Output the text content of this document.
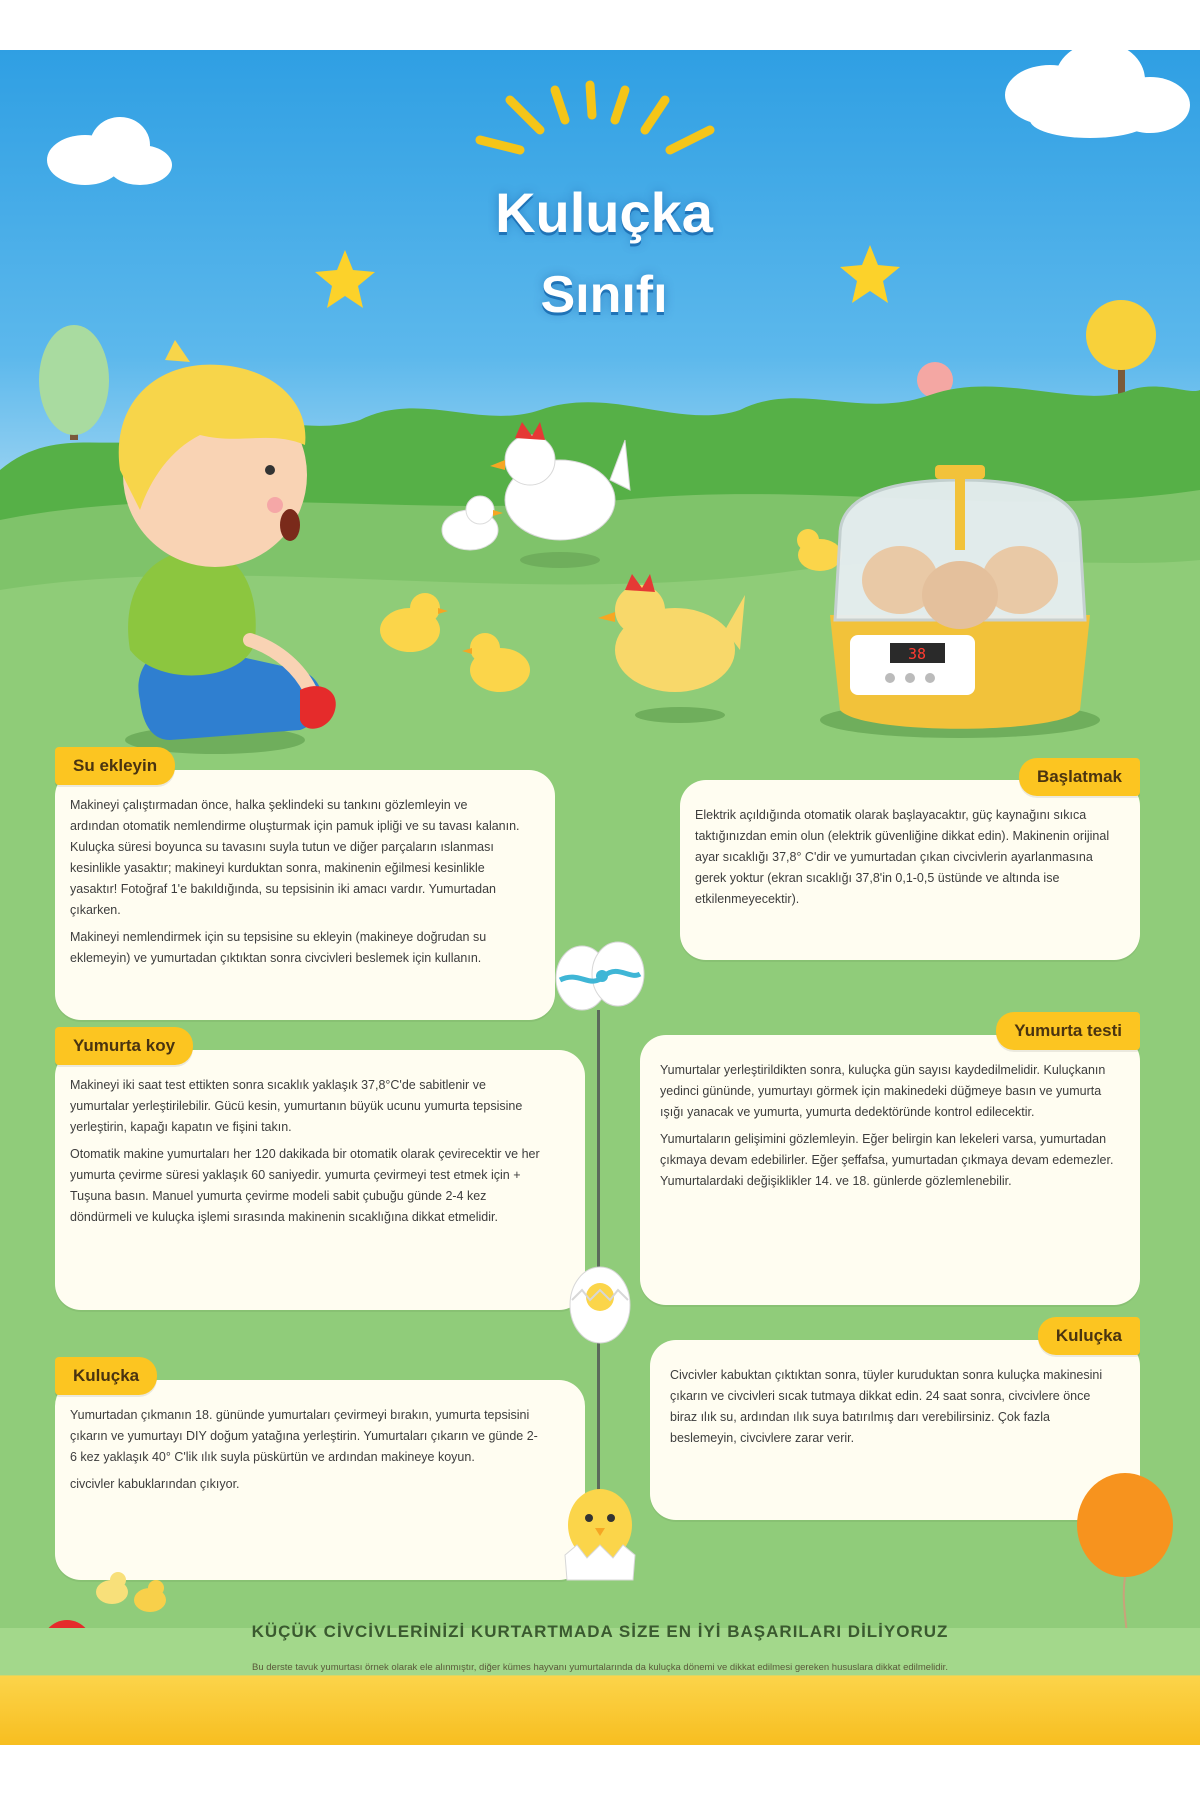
38
Kuluçka
Sınıfı
Su ekleyin

Makineyi çalıştırmadan önce, halka şeklindeki su tankını gözlemleyin ve ardından otomatik nemlendirme oluşturmak için pamuk ipliği ve su tavası kalanın. Kuluçka süresi boyunca su tavasını suyla tutun ve diğer parçaların ıslanması kesinlikle yasaktır; makineyi kurduktan sonra, makinenin eğilmesi kesinlikle yasaktır! Fotoğraf 1'e bakıldığında, su tepsisinin iki amacı vardır. Yumurtadan çıkarken.

Makineyi nemlendirmek için su tepsisine su ekleyin (makineye doğrudan su eklemeyin) ve yumurtadan çıktıktan sonra civcivleri beslemek için kullanın.

Başlatmak

Elektrik açıldığında otomatik olarak başlayacaktır, güç kaynağını sıkıca taktığınızdan emin olun (elektrik güvenliğine dikkat edin). Makinenin orijinal ayar sıcaklığı 37,8° C'dir ve yumurtadan çıkan civcivlerin ayarlanmasına gerek yoktur (ekran sıcaklığı 37,8'in 0,1-0,5 üstünde ve altında ise etkilenmeyecektir).

Yumurta koy

Makineyi iki saat test ettikten sonra sıcaklık yaklaşık 37,8°C'de sabitlenir ve yumurtalar yerleştirilebilir. Gücü kesin, yumurtanın büyük ucunu yumurta tepsisine yerleştirin, kapağı kapatın ve fişini takın.

Otomatik makine yumurtaları her 120 dakikada bir otomatik olarak çevirecektir ve her yumurta çevirme süresi yaklaşık 60 saniyedir. yumurta çevirmeyi test etmek için + Tuşuna basın. Manuel yumurta çevirme modeli sabit çubuğu günde 2-4 kez döndürmeli ve kuluçka işlemi sırasında makinenin sıcaklığına dikkat etmelidir.

Yumurta testi

Yumurtalar yerleştirildikten sonra, kuluçka gün sayısı kaydedilmelidir. Kuluçkanın yedinci gününde, yumurtayı görmek için makinedeki düğmeye basın ve yumurta ışığı yanacak ve yumurta, yumurta dedektöründe kontrol edilecektir.

Yumurtaların gelişimini gözlemleyin. Eğer belirgin kan lekeleri varsa, yumurtadan çıkmaya devam edebilirler. Eğer şeffafsa, yumurtadan çıkmaya devam edemezler. Yumurtalardaki değişiklikler 14. ve 18. günlerde gözlemlenebilir.

Kuluçka

Yumurtadan çıkmanın 18. gününde yumurtaları çevirmeyi bırakın, yumurta tepsisini çıkarın ve yumurtayı DIY doğum yatağına yerleştirin. Yumurtaları çıkarın ve günde 2-6 kez yaklaşık 40° C'lik ılık suyla püskürtün ve ardından makineye koyun.

civcivler kabuklarından çıkıyor.

Kuluçka

Civcivler kabuktan çıktıktan sonra, tüyler kuruduktan sonra kuluçka makinesini çıkarın ve civcivleri sıcak tutmaya dikkat edin. 24 saat sonra, civcivlere önce biraz ılık su, ardından ılık suya batırılmış darı verebilirsiniz. Çok fazla beslemeyin, civcivlere zarar verir.

KÜÇÜK CİVCİVLERİNİZİ KURTARTMADA SİZE EN İYİ BAŞARILARI DİLİYORUZ
Bu derste tavuk yumurtası örnek olarak ele alınmıştır, diğer kümes hayvanı yumurtalarında da kuluçka dönemi ve dikkat edilmesi gereken hususlara dikkat edilmelidir.
